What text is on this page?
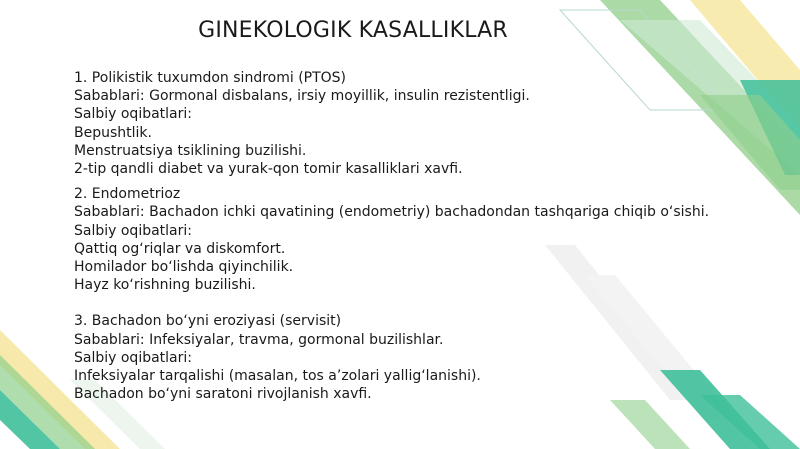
GINEKOLOGIK KASALLIKLAR
1. Polikistik tuxumdon sindromi (PTOS)
Sabablari: Gormonal disbalans, irsiy moyillik, insulin rezistentligi.
Salbiy oqibatlari:
Bepushtlik.
Menstruatsiya tsiklining buzilishi.
2-tip qandli diabet va yurak-qon tomir kasalliklari xavfi.
2. Endometrioz
Sabablari: Bachadon ichki qavatining (endometriy) bachadondan tashqariga chiqib o‘sishi.
Salbiy oqibatlari:
Qattiq og‘riqlar va diskomfort.
Homilador bo‘lishda qiyinchilik.
Hayz ko‘rishning buzilishi.
3. Bachadon bo‘yni eroziyasi (servisit)
Sabablari: Infeksiyalar, travma, gormonal buzilishlar.
Salbiy oqibatlari:
Infeksiyalar tarqalishi (masalan, tos a’zolari yallig‘lanishi).
Bachadon bo‘yni saratoni rivojlanish xavfi.
